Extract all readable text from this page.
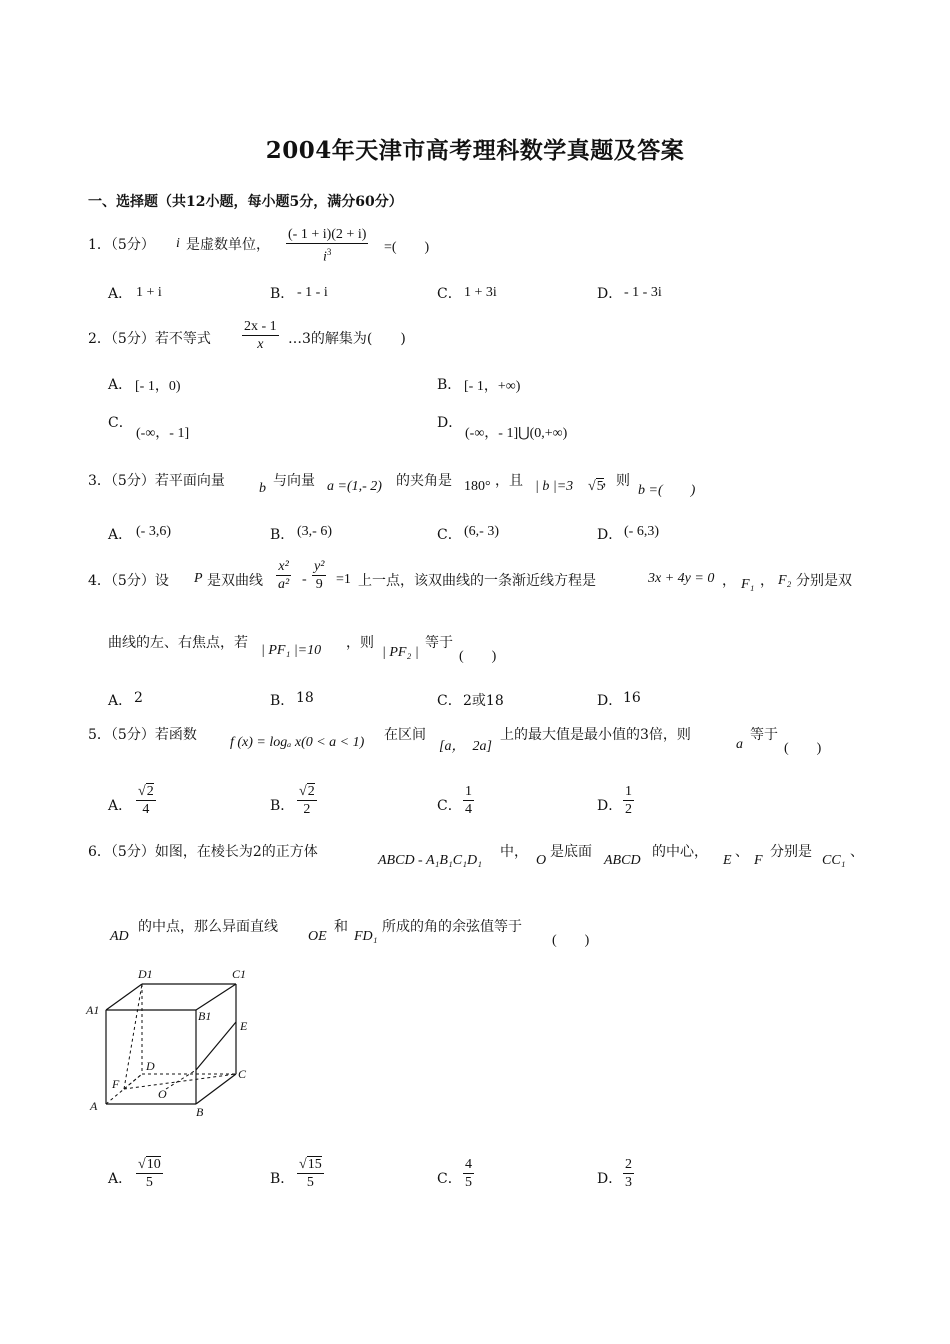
2004年天津市高考理科数学真题及答案
一、选择题（共12小题，每小题5分，满分60分）
1．（5分） i 是虚数单位， $\frac{(- 1 + i)(2 + i)}{i^3}$ =(　　)
A． 1 + i	B． - 1 - i	C． 1 + 3i	D． - 1 - 3i
2．（5分）若不等式 $\frac{2x - 1}{x}$ …3的解集为(　　)
A． [- 1，0)	B． [- 1，+∞)
C．
(-∞，- 1]
D．
(-∞，- 1]⋃(0,+∞)
3．（5分）若平面向量 b 与向量 a =(1,- 2) 的夹角是 180° ，且 | b |=3 √5
，则
b =(　　)
A． (- 3,6)	B． (3,- 6)	C． (6,- 3)	D． (- 6,3)
4．（5分）设 P 是双曲线 $\frac{\text{x²}}{\text{a²}} - \frac{\text{y²}}{9} =1$ 上一点，该双曲线的一条渐近线方程是	3x + 4y = 0 ， F₁ ， F₂ 分别是双
曲线的左、右焦点，若 | PF₁ |=10 ，则
| PF₂ |
等于
(　　)
A． 2	B． 18	C． 2或18	D． 16
5．（5分）若函数 f (x) = logₐ x(0 < a < 1) 在区间
[a，　2a]
上的最大值是最小值的3倍，则
a
等于
(　　)
A． $\frac{√2}{4}$	B． $\frac{√2}{2}$	C． $\frac{1}{4}$	D． $\frac{1}{2}$
6．（5分）如图，在棱长为2的正方体
ABCD - A₁B₁C₁D₁
中，
O
是底面
ABCD
的中心，
E
、
F
分别是
CC₁
、
AD
的中点，那么异面直线
OE
和
FD₁
所成的角的余弦值等于
(　　)
D1	C1
A1	B1
E
D
C
F
O
A	B
A． $\frac{√10}{5}$	B． $\frac{√15}{5}$	C． $\frac{4}{5}$	D． $\frac{2}{3}$
